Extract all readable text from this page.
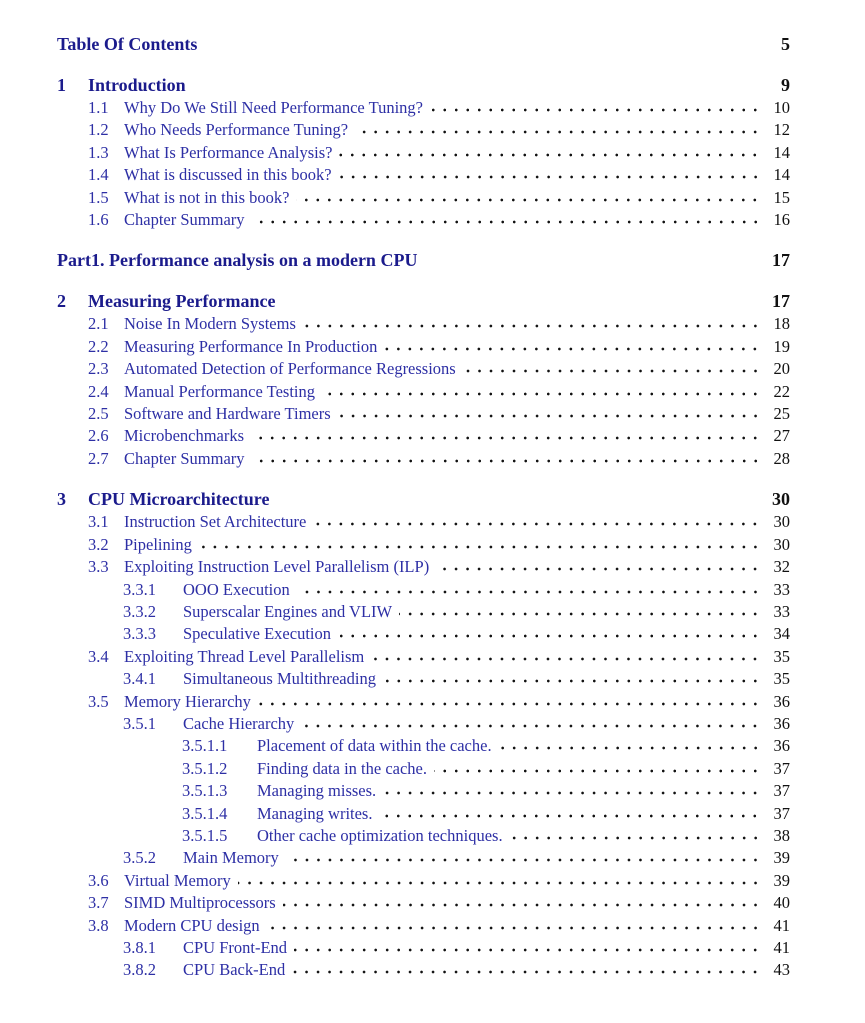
Table Of Contents	5
1	Introduction	9
1.1 Why Do We Still Need Performance Tuning?	10
1.2 Who Needs Performance Tuning?	12
1.3 What Is Performance Analysis?	14
1.4 What is discussed in this book?	14
1.5 What is not in this book?	15
1.6 Chapter Summary	16
Part1. Performance analysis on a modern CPU	17
2	Measuring Performance	17
2.1 Noise In Modern Systems	18
2.2 Measuring Performance In Production	19
2.3 Automated Detection of Performance Regressions	20
2.4 Manual Performance Testing	22
2.5 Software and Hardware Timers	25
2.6 Microbenchmarks	27
2.7 Chapter Summary	28
3	CPU Microarchitecture	30
3.1 Instruction Set Architecture	30
3.2 Pipelining	30
3.3 Exploiting Instruction Level Parallelism (ILP)	32
3.3.1	OOO Execution	33
3.3.2	Superscalar Engines and VLIW	33
3.3.3	Speculative Execution	34
3.4 Exploiting Thread Level Parallelism	35
3.4.1	Simultaneous Multithreading	35
3.5 Memory Hierarchy	36
3.5.1	Cache Hierarchy	36
3.5.1.1	Placement of data within the cache.	36
3.5.1.2	Finding data in the cache.	37
3.5.1.3	Managing misses.	37
3.5.1.4	Managing writes.	37
3.5.1.5	Other cache optimization techniques.	38
3.5.2	Main Memory	39
3.6 Virtual Memory	39
3.7 SIMD Multiprocessors	40
3.8 Modern CPU design	41
3.8.1	CPU Front-End	41
3.8.2	CPU Back-End	43
